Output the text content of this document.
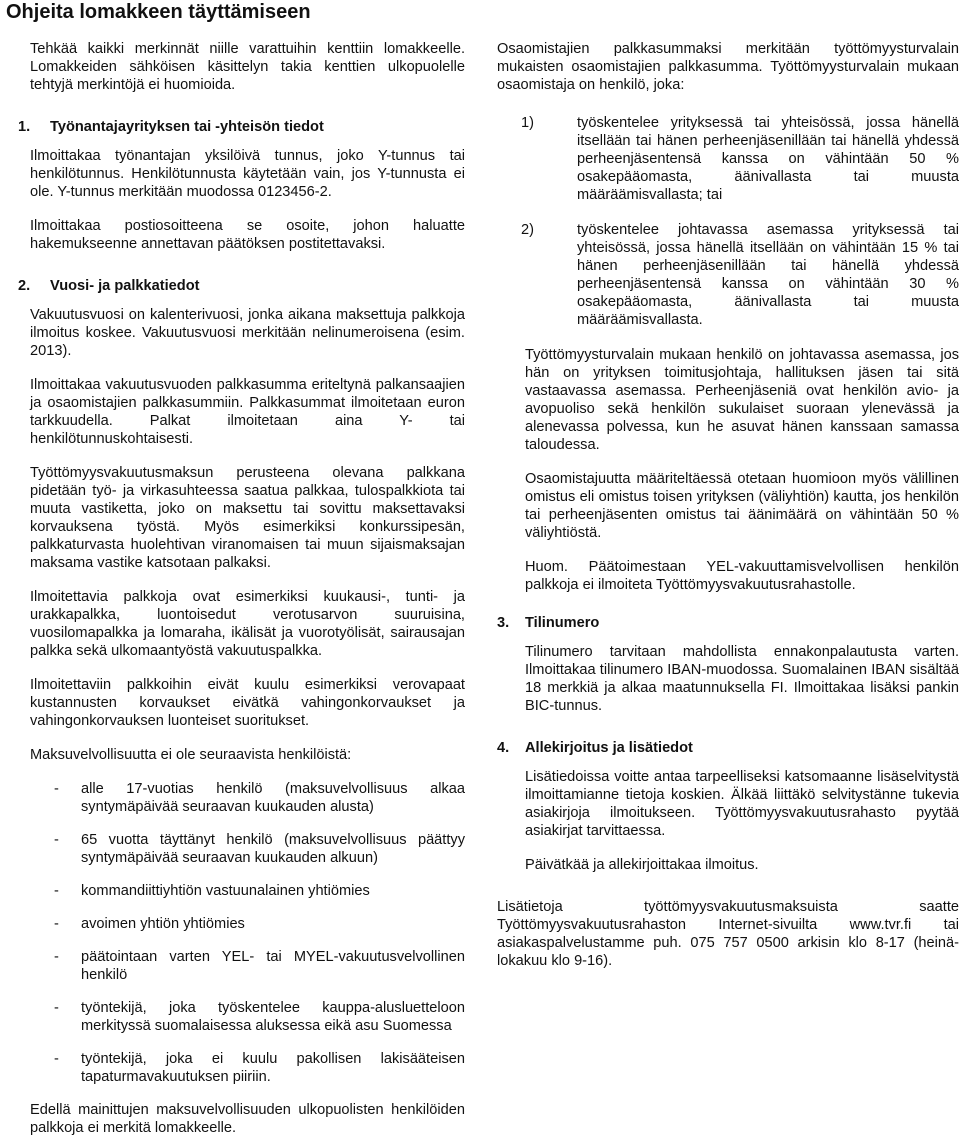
Ohjeita lomakkeen täyttämiseen

Tehkää kaikki merkinnät niille varattuihin kenttiin lomakkeelle. Lomakkeiden sähköisen käsittelyn takia kenttien ulkopuolelle tehtyjä merkintöjä ei huomioida.

1.	Työnantajayrityksen tai -yhteisön tiedot

Ilmoittakaa työnantajan yksilöivä tunnus, joko Y-tunnus tai henkilötunnus. Henkilötunnusta käytetään vain, jos Y-tunnusta ei ole. Y-tunnus merkitään muodossa 0123456-2.

Ilmoittakaa postiosoitteena se osoite, johon haluatte hakemukseenne annettavan päätöksen postitettavaksi.

2.	Vuosi- ja palkkatiedot

Vakuutusvuosi on kalenterivuosi, jonka aikana maksettuja palkkoja ilmoitus koskee. Vakuutusvuosi merkitään nelinumeroisena (esim. 2013).

Ilmoittakaa vakuutusvuoden palkkasumma eriteltynä palkansaajien ja osaomistajien palkkasummiin. Palkkasummat ilmoitetaan euron tarkkuudella. Palkat ilmoitetaan aina Y- tai henkilötunnuskohtaisesti.

Työttömyysvakuutusmaksun perusteena olevana palkkana pidetään työ- ja virkasuhteessa saatua palkkaa, tulospalkkiota tai muuta vastiketta, joko on maksettu tai sovittu maksettavaksi korvauksena työstä. Myös esimerkiksi konkurssipesän, palkkaturvasta huolehtivan viranomaisen tai muun sijaismaksajan maksama vastike katsotaan palkaksi.

Ilmoitettavia palkkoja ovat esimerkiksi kuukausi-, tunti- ja urakkapalkka, luontoisedut verotusarvon suuruisina, vuosilomapalkka ja lomaraha, ikälisät ja vuorotyölisät, sairausajan palkka sekä ulkomaantyöstä vakuutuspalkka.

Ilmoitettaviin palkkoihin eivät kuulu esimerkiksi verovapaat kustannusten korvaukset eivätkä vahingonkorvaukset ja vahingonkorvauksen luonteiset suoritukset.

Maksuvelvollisuutta ei ole seuraavista henkilöistä:

-	alle 17-vuotias henkilö (maksuvelvollisuus alkaa syntymäpäivää seuraavan kuukauden alusta)
-	65 vuotta täyttänyt henkilö (maksuvelvollisuus päättyy syntymäpäivää seuraavan kuukauden alkuun)
-	kommandiittiyhtiön vastuunalainen yhtiömies
-	avoimen yhtiön yhtiömies
-	päätointaan varten YEL- tai MYEL-vakuutusvelvollinen henkilö
-	työntekijä, joka työskentelee kauppa-alusluetteloon merkityssä suomalaisessa aluksessa eikä asu Suomessa
-	työntekijä, joka ei kuulu pakollisen lakisääteisen tapaturmavakuutuksen piiriin.

Edellä mainittujen maksuvelvollisuuden ulkopuolisten henkilöiden palkkoja ei merkitä lomakkeelle.

Osaomistajien palkkasummaksi merkitään työttömyysturvalain mukaisten osaomistajien palkkasumma. Työttömyysturvalain mukaan osaomistaja on henkilö, joka:

1)	työskentelee yrityksessä tai yhteisössä, jossa hänellä itsellään tai hänen perheenjäsenillään tai hänellä yhdessä perheenjäsentensä kanssa on vähintään 50 % osakepääomasta, äänivallasta tai muusta määräämisvallasta; tai
2)	työskentelee johtavassa asemassa yrityksessä tai yhteisössä, jossa hänellä itsellään on vähintään 15 % tai hänen perheenjäsenillään tai hänellä yhdessä perheenjäsentensä kanssa on vähintään 30 % osakepääomasta, äänivallasta tai muusta määräämisvallasta.

Työttömyysturvalain mukaan henkilö on johtavassa asemassa, jos hän on yrityksen toimitusjohtaja, hallituksen jäsen tai sitä vastaavassa asemassa. Perheenjäseniä ovat henkilön avio- ja avopuoliso sekä henkilön sukulaiset suoraan ylenevässä ja alenevassa polvessa, kun he asuvat hänen kanssaan samassa taloudessa.

Osaomistajuutta määriteltäessä otetaan huomioon myös välillinen omistus eli omistus toisen yrityksen (väliyhtiön) kautta, jos henkilön tai perheenjäsenten omistus tai äänimäärä on vähintään 50 % väliyhtiöstä.

Huom. Päätoimestaan YEL-vakuuttamisvelvollisen henkilön palkkoja ei ilmoiteta Työttömyysvakuutusrahastolle.

3.	Tilinumero

Tilinumero tarvitaan mahdollista ennakonpalautusta varten. Ilmoittakaa tilinumero IBAN-muodossa. Suomalainen IBAN sisältää 18 merkkiä ja alkaa maatunnuksella FI. Ilmoittakaa lisäksi pankin BIC-tunnus.

4.	Allekirjoitus ja lisätiedot

Lisätiedoissa voitte antaa tarpeelliseksi katsomaanne lisäselvitystä ilmoittamianne tietoja koskien. Älkää liittäkö selvitystänne tukevia asiakirjoja ilmoitukseen. Työttömyysvakuutusrahasto pyytää asiakirjat tarvittaessa.

Päivätkää ja allekirjoittakaa ilmoitus.

Lisätietoja työttömyysvakuutusmaksuista saatte Työttömyysvakuutusrahaston Internet-sivuilta www.tvr.fi tai asiakaspalvelustamme puh. 075 757 0500 arkisin klo 8-17 (heinä-lokakuu klo 9-16).
